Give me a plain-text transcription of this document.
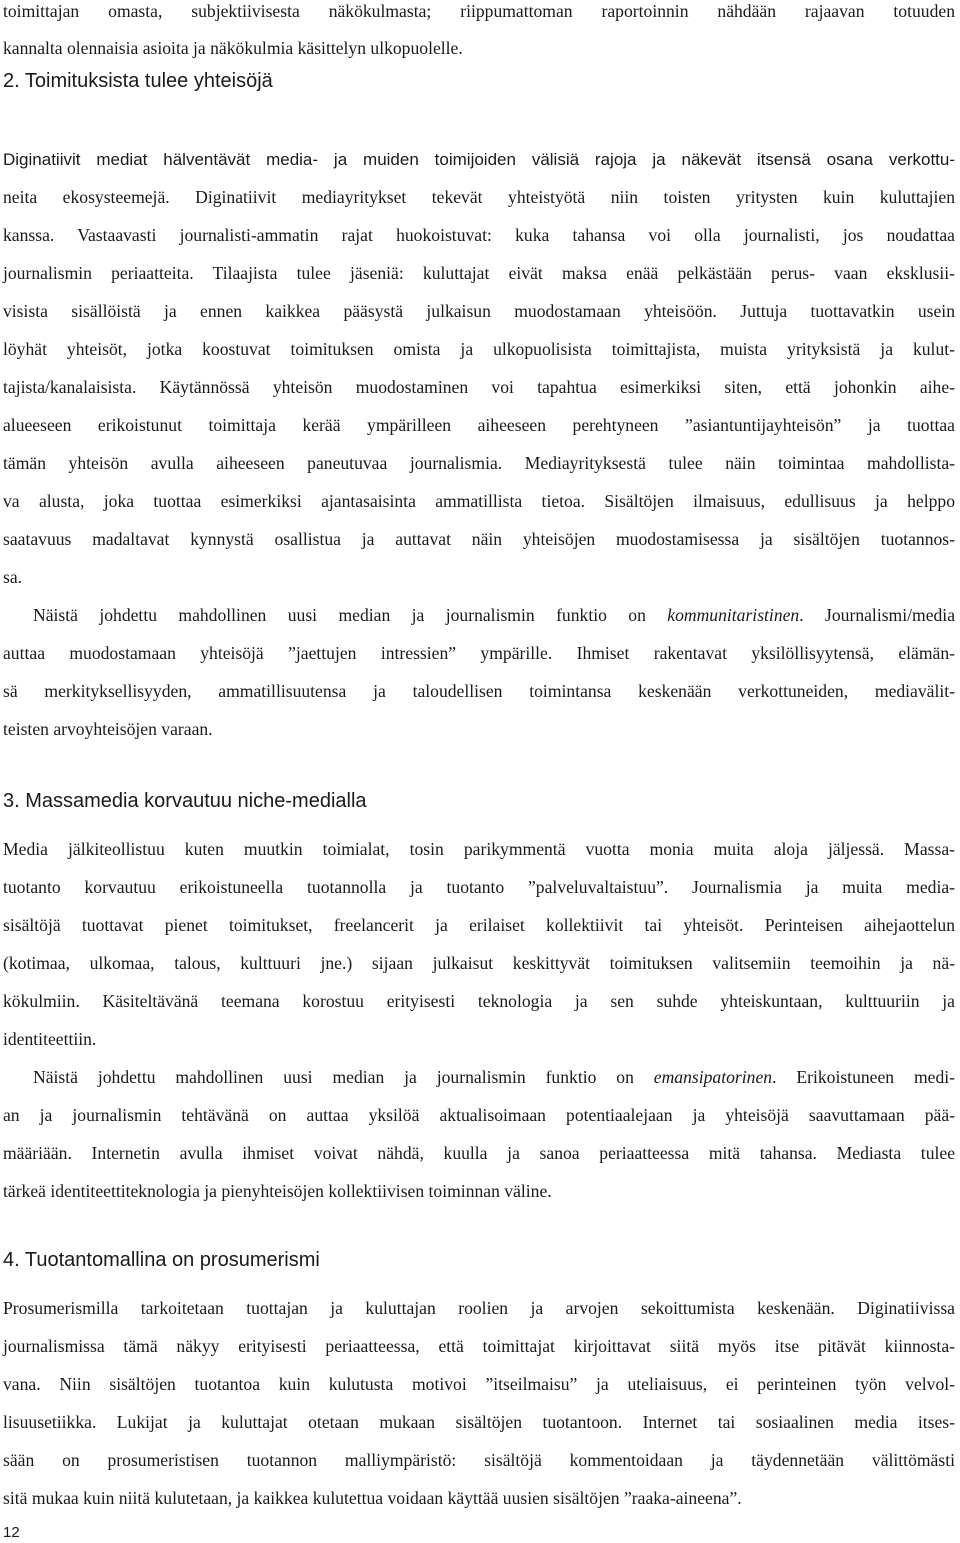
toimittajan omasta, subjektiivisesta näkökulmasta; riippumattoman raportoinnin nähdään rajaavan totuuden
kannalta olennaisia asioita ja näkökulmia käsittelyn ulkopuolelle.
2. Toimituksista tulee yhteisöjä
Diginatiivit mediat hälventävät media- ja muiden toimijoiden välisiä rajoja ja näkevät itsensä osana verkottu-
neita ekosysteemejä. Diginatiivit mediayritykset tekevät yhteistyötä niin toisten yritysten kuin kuluttajien
kanssa. Vastaavasti journalisti-ammatin rajat huokoistuvat: kuka tahansa voi olla journalisti, jos noudattaa
journalismin periaatteita. Tilaajista tulee jäseniä: kuluttajat eivät maksa enää pelkästään perus- vaan eksklusii-
visista sisällöistä ja ennen kaikkea pääsystä julkaisun muodostamaan yhteisöön. Juttuja tuottavatkin usein
löyhät yhteisöt, jotka koostuvat toimituksen omista ja ulkopuolisista toimittajista, muista yrityksistä ja kulut-
tajista/kanalaisista. Käytännössä yhteisön muodostaminen voi tapahtua esimerkiksi siten, että johonkin aihe-
alueeseen erikoistunut toimittaja kerää ympärilleen aiheeseen perehtyneen ”asiantuntijayhteisön” ja tuottaa
tämän yhteisön avulla aiheeseen paneutuvaa journalismia. Mediayrityksestä tulee näin toimintaa mahdollista-
va alusta, joka tuottaa esimerkiksi ajantasaisinta ammatillista tietoa. Sisältöjen ilmaisuus, edullisuus ja helppo
saatavuus madaltavat kynnystä osallistua ja auttavat näin yhteisöjen muodostamisessa ja sisältöjen tuotannos-
sa.
Näistä johdettu mahdollinen uusi median ja journalismin funktio on kommunitaristinen. Journalismi/media
auttaa muodostamaan yhteisöjä ”jaettujen intressien” ympärille. Ihmiset rakentavat yksilöllisyytensä, elämän-
sä merkityksellisyyden, ammatillisuutensa ja taloudellisen toimintansa keskenään verkottuneiden, mediavälit-
teisten arvoyhteisöjen varaan.
3. Massamedia korvautuu niche-medialla
Media jälkiteollistuu kuten muutkin toimialat, tosin parikymmentä vuotta monia muita aloja jäljessä. Massa-
tuotanto korvautuu erikoistuneella tuotannolla ja tuotanto ”palveluvaltaistuu”. Journalismia ja muita media-
sisältöjä tuottavat pienet toimitukset, freelancerit ja erilaiset kollektiivit tai yhteisöt. Perinteisen aihejaottelun
(kotimaa, ulkomaa, talous, kulttuuri jne.) sijaan julkaisut keskittyvät toimituksen valitsemiin teemoihin ja nä-
kökulmiin. Käsiteltävänä teemana korostuu erityisesti teknologia ja sen suhde yhteiskuntaan, kulttuuriin ja
identiteettiin.
Näistä johdettu mahdollinen uusi median ja journalismin funktio on emansipatorinen. Erikoistuneen medi-
an ja journalismin tehtävänä on auttaa yksilöä aktualisoimaan potentiaalejaan ja yhteisöjä saavuttamaan pää-
määriään. Internetin avulla ihmiset voivat nähdä, kuulla ja sanoa periaatteessa mitä tahansa. Mediasta tulee
tärkeä identiteettiteknologia ja pienyhteisöjen kollektiivisen toiminnan väline.
4. Tuotantomallina on prosumerismi
Prosumerismilla tarkoitetaan tuottajan ja kuluttajan roolien ja arvojen sekoittumista keskenään. Diginatiivissa
journalismissa tämä näkyy erityisesti periaatteessa, että toimittajat kirjoittavat siitä myös itse pitävät kiinnosta-
vana. Niin sisältöjen tuotantoa kuin kulutusta motivoi ”itseilmaisu” ja uteliaisuus, ei perinteinen työn velvol-
lisuusetiikka. Lukijat ja kuluttajat otetaan mukaan sisältöjen tuotantoon. Internet tai sosiaalinen media itses-
sään on prosumeristisen tuotannon malliympäristö: sisältöjä kommentoidaan ja täydennetään välittömästi
sitä mukaa kuin niitä kulutetaan, ja kaikkea kulutettua voidaan käyttää uusien sisältöjen ”raaka-aineena”.
12
